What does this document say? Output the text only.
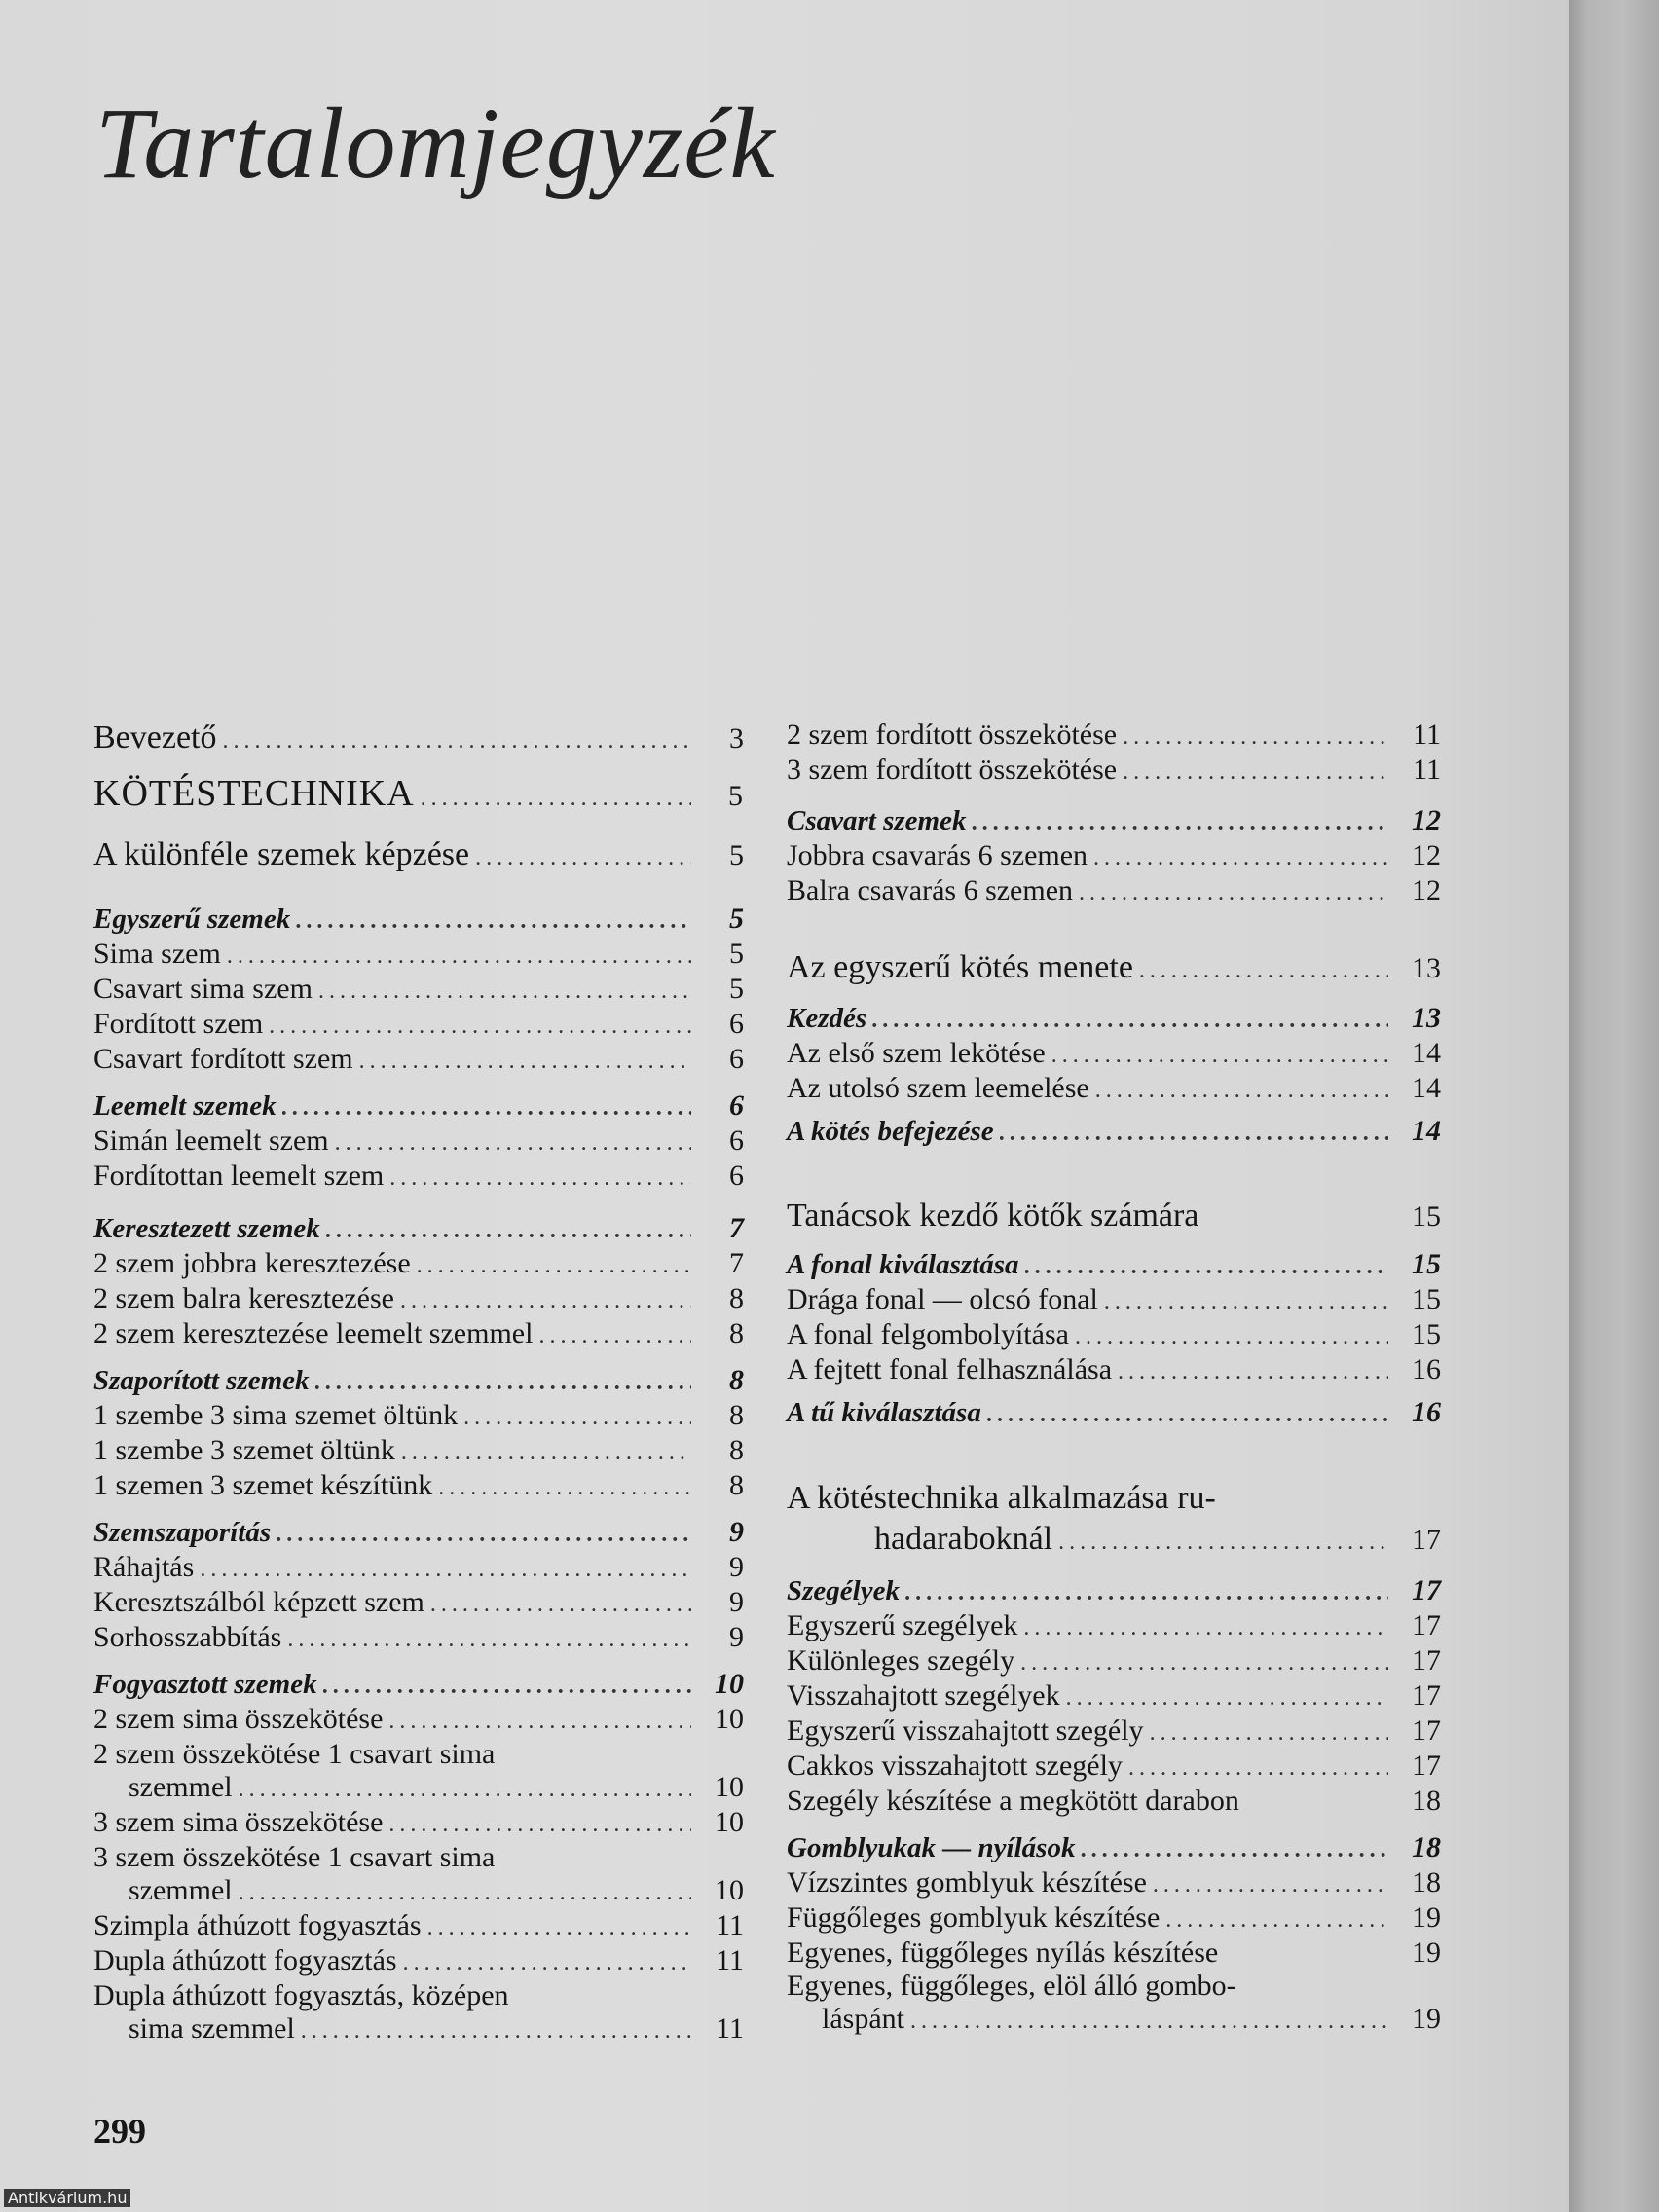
Tartalomjegyzék
Bevezető .....	3
KÖTÉSTECHNIKA .....	5
A különféle szemek képzése .....	5
Egyszerű szemek .....	5
Sima szem .....	5
Csavart sima szem .....	5
Fordított szem .....	6
Csavart fordított szem .....	6
Leemelt szemek .....	6
Simán leemelt szem .....	6
Fordítottan leemelt szem .....	6
Keresztezett szemek .....	7
2 szem jobbra keresztezése .....	7
2 szem balra keresztezése .....	8
2 szem keresztezése leemelt szemmel .....	8
Szaporított szemek .....	8
1 szembe 3 sima szemet öltünk .....	8
1 szembe 3 szemet öltünk .....	8
1 szemen 3 szemet készítünk .....	8
Szemszaporítás .....	9
Ráhajtás .....	9
Keresztszálból képzett szem .....	9
Sorhosszabbítás .....	9
Fogyasztott szemek .....	10
2 szem sima összekötése .....	10
2 szem összekötése 1 csavart sima
szemmel .....	10
3 szem sima összekötése .....	10
3 szem összekötése 1 csavart sima
szemmel .....	10
Szimpla áthúzott fogyasztás .....	11
Dupla áthúzott fogyasztás .....	11
Dupla áthúzott fogyasztás, középen
sima szemmel .....	11
2 szem fordított összekötése .....	11
3 szem fordított összekötése .....	11
Csavart szemek .....	12
Jobbra csavarás 6 szemen .....	12
Balra csavarás 6 szemen .....	12
Az egyszerű kötés menete .....	13
Kezdés .....	13
Az első szem lekötése .....	14
Az utolsó szem leemelése .....	14
A kötés befejezése .....	14
Tanácsok kezdő kötők számára	15
A fonal kiválasztása .....	15
Drága fonal — olcsó fonal .....	15
A fonal felgombolyítása .....	15
A fejtett fonal felhasználása .....	16
A tű kiválasztása .....	16
A kötéstechnika alkalmazása ru-
hadaraboknál .....	17
Szegélyek .....	17
Egyszerű szegélyek .....	17
Különleges szegély .....	17
Visszahajtott szegélyek .....	17
Egyszerű visszahajtott szegély .....	17
Cakkos visszahajtott szegély .....	17
Szegély készítése a megkötött darabon	18
Gomblyukak — nyílások .....	18
Vízszintes gomblyuk készítése .....	18
Függőleges gomblyuk készítése .....	19
Egyenes, függőleges nyílás készítése	19
Egyenes, függőleges, elöl álló gombo-
láspánt .....	19

299

Antikvárium.hu
